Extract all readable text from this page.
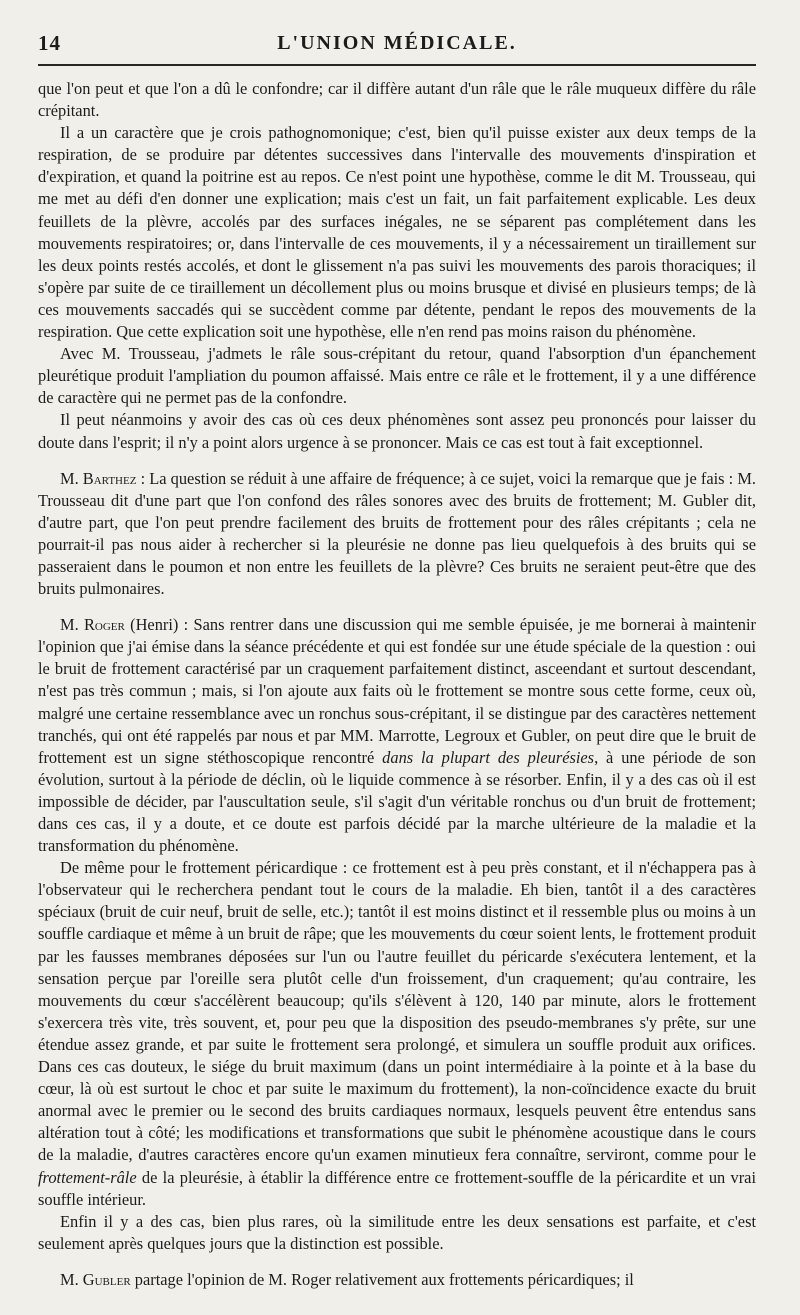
14	L'UNION MÉDICALE.

que l'on peut et que l'on a dû le confondre; car il diffère autant d'un râle que le râle muqueux diffère du râle crépitant.

Il a un caractère que je crois pathognomonique; c'est, bien qu'il puisse exister aux deux temps de la respiration, de se produire par détentes successives dans l'intervalle des mouvements d'inspiration et d'expiration, et quand la poitrine est au repos. Ce n'est point une hypothèse, comme le dit M. Trousseau, qui me met au défi d'en donner une explication; mais c'est un fait, un fait parfaitement explicable. Les deux feuillets de la plèvre, accolés par des surfaces inégales, ne se séparent pas complétement dans les mouvements respiratoires; or, dans l'intervalle de ces mouvements, il y a nécessairement un tiraillement sur les deux points restés accolés, et dont le glissement n'a pas suivi les mouvements des parois thoraciques; il s'opère par suite de ce tiraillement un décollement plus ou moins brusque et divisé en plusieurs temps; de là ces mouvements saccadés qui se succèdent comme par détente, pendant le repos des mouvements de la respiration. Que cette explication soit une hypothèse, elle n'en rend pas moins raison du phénomène.

Avec M. Trousseau, j'admets le râle sous-crépitant du retour, quand l'absorption d'un épanchement pleurétique produit l'ampliation du poumon affaissé. Mais entre ce râle et le frottement, il y a une différence de caractère qui ne permet pas de la confondre.

Il peut néanmoins y avoir des cas où ces deux phénomènes sont assez peu prononcés pour laisser du doute dans l'esprit; il n'y a point alors urgence à se prononcer. Mais ce cas est tout à fait exceptionnel.

M. Barthez : La question se réduit à une affaire de fréquence; à ce sujet, voici la remarque que je fais : M. Trousseau dit d'une part que l'on confond des râles sonores avec des bruits de frottement; M. Gubler dit, d'autre part, que l'on peut prendre facilement des bruits de frottement pour des râles crépitants ; cela ne pourrait-il pas nous aider à rechercher si la pleurésie ne donne pas lieu quelquefois à des bruits qui se passeraient dans le poumon et non entre les feuillets de la plèvre? Ces bruits ne seraient peut-être que des bruits pulmonaires.

M. Roger (Henri) : Sans rentrer dans une discussion qui me semble épuisée, je me bornerai à maintenir l'opinion que j'ai émise dans la séance précédente et qui est fondée sur une étude spéciale de la question : oui le bruit de frottement caractérisé par un craquement parfaitement distinct, asceendant et surtout descendant, n'est pas très commun ; mais, si l'on ajoute aux faits où le frottement se montre sous cette forme, ceux où, malgré une certaine ressemblance avec un ronchus sous-crépitant, il se distingue par des caractères nettement tranchés, qui ont été rappelés par nous et par MM. Marrotte, Legroux et Gubler, on peut dire que le bruit de frottement est un signe stéthoscopique rencontré dans la plupart des pleurésies, à une période de son évolution, surtout à la période de déclin, où le liquide commence à se résorber. Enfin, il y a des cas où il est impossible de décider, par l'auscultation seule, s'il s'agit d'un véritable ronchus ou d'un bruit de frottement; dans ces cas, il y a doute, et ce doute est parfois décidé par la marche ultérieure de la maladie et la transformation du phénomène.

De même pour le frottement péricardique : ce frottement est à peu près constant, et il n'échappera pas à l'observateur qui le recherchera pendant tout le cours de la maladie. Eh bien, tantôt il a des caractères spéciaux (bruit de cuir neuf, bruit de selle, etc.); tantôt il est moins distinct et il ressemble plus ou moins à un souffle cardiaque et même à un bruit de râpe; que les mouvements du cœur soient lents, le frottement produit par les fausses membranes déposées sur l'un ou l'autre feuillet du péricarde s'exécutera lentement, et la sensation perçue par l'oreille sera plutôt celle d'un froissement, d'un craquement; qu'au contraire, les mouvements du cœur s'accélèrent beaucoup; qu'ils s'élèvent à 120, 140 par minute, alors le frottement s'exercera très vite, très souvent, et, pour peu que la disposition des pseudo-membranes s'y prête, sur une étendue assez grande, et par suite le frottement sera prolongé, et simulera un souffle produit aux orifices. Dans ces cas douteux, le siége du bruit maximum (dans un point intermédiaire à la pointe et à la base du cœur, là où est surtout le choc et par suite le maximum du frottement), la non-coïncidence exacte du bruit anormal avec le premier ou le second des bruits cardiaques normaux, lesquels peuvent être entendus sans altération tout à côté; les modifications et transformations que subit le phénomène acoustique dans le cours de la maladie, d'autres caractères encore qu'un examen minutieux fera connaître, serviront, comme pour le frottement-râle de la pleurésie, à établir la différence entre ce frottement-souffle de la péricardite et un vrai souffle intérieur.

Enfin il y a des cas, bien plus rares, où la similitude entre les deux sensations est parfaite, et c'est seulement après quelques jours que la distinction est possible.

M. Gubler partage l'opinion de M. Roger relativement aux frottements péricardiques; il
